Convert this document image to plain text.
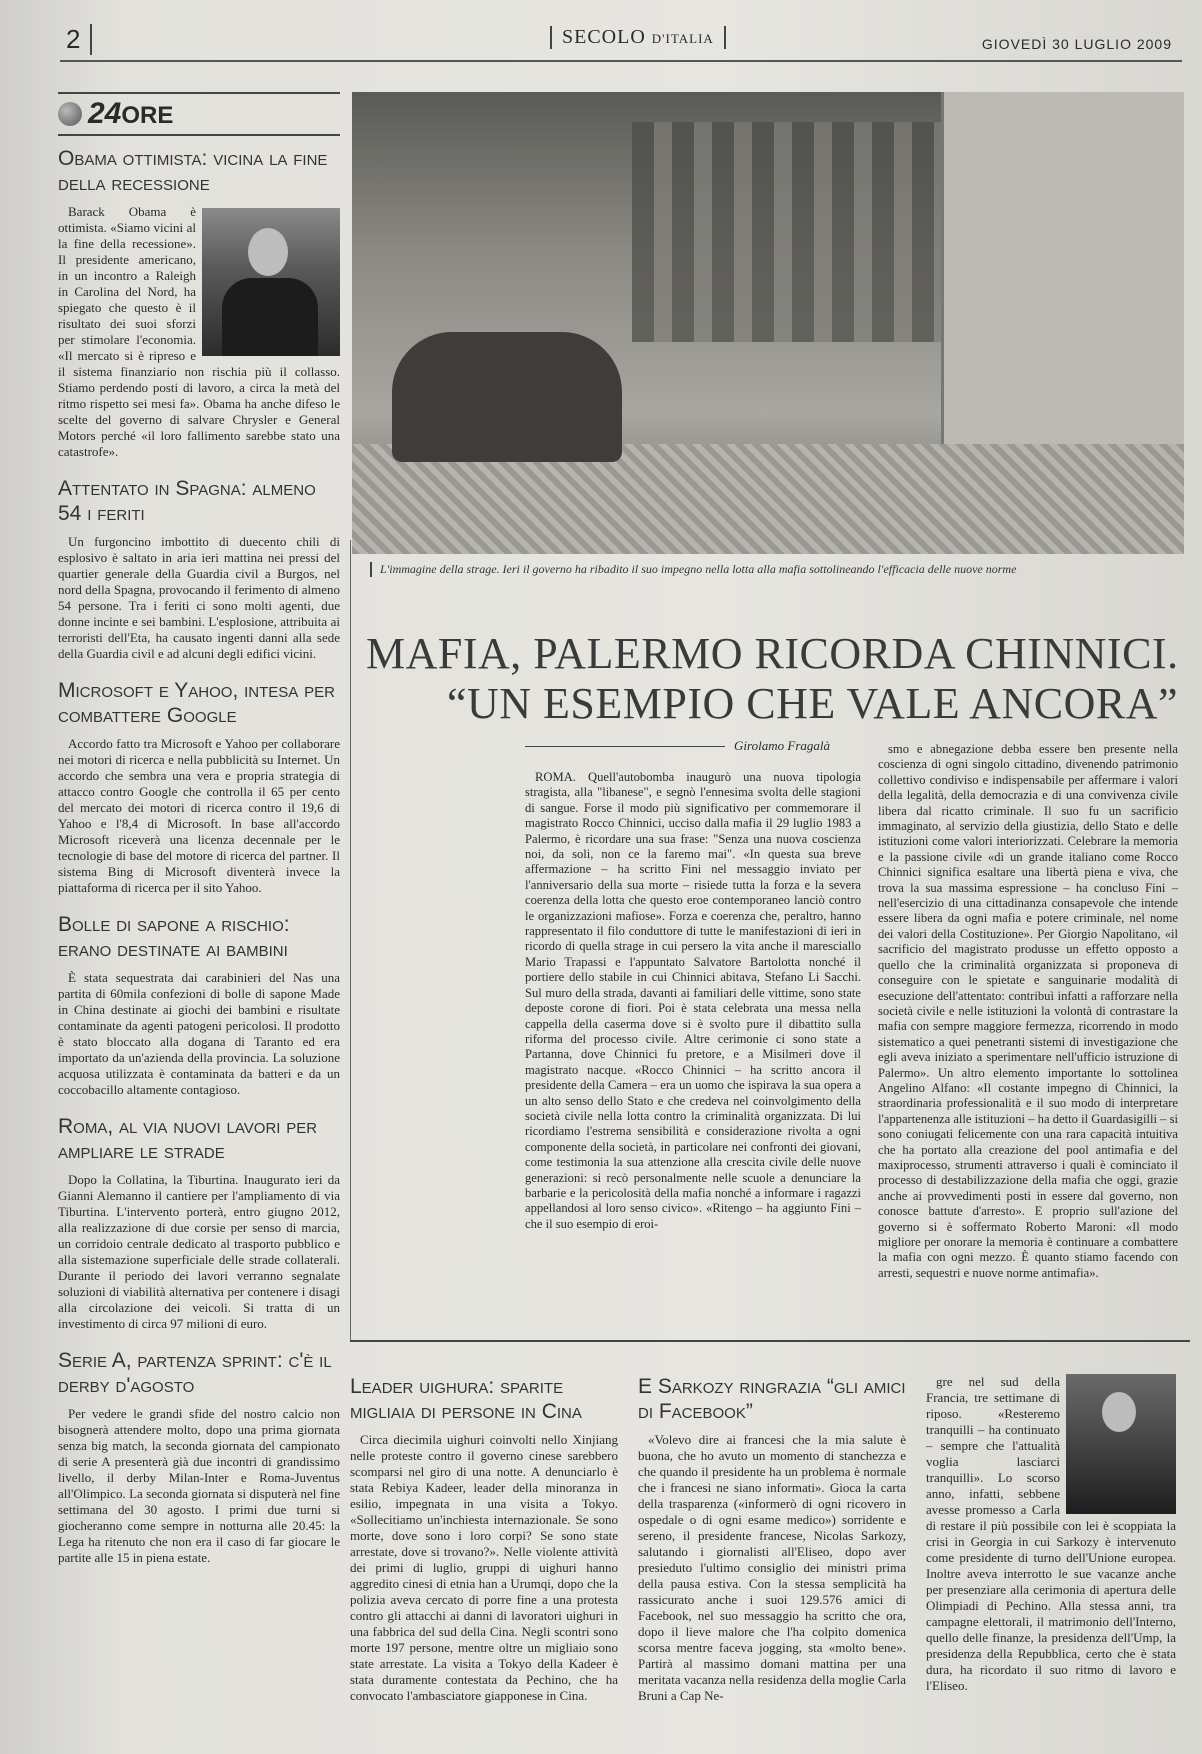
2	SECOLO D'ITALIA	GIOVEDÌ 30 LUGLIO 2009
24ORE
Obama ottimista: vicina la fine della recessione
Barack Obama è ottimista. «Siamo vicini al la fine della recessione». Il presidente americano, in un incontro a Raleigh in Carolina del Nord, ha spiegato che questo è il risultato dei suoi sforzi per stimolare l'economia. «Il mercato si è ripreso e il sistema finanziario non rischia più il collasso. Stiamo perdendo posti di lavoro, a circa la metà del ritmo rispetto sei mesi fa». Obama ha anche difeso le scelte del governo di salvare Chrysler e General Motors perché «il loro fallimento sarebbe stato una catastrofe».
Attentato in Spagna: almeno 54 i feriti

Un furgoncino imbottito di duecento chili di esplosivo è saltato in aria ieri mattina nei pressi del quartier generale della Guardia civil a Burgos, nel nord della Spagna, provocando il ferimento di almeno 54 persone. Tra i feriti ci sono molti agenti, due donne incinte e sei bambini. L'esplosione, attribuita ai terroristi dell'Eta, ha causato ingenti danni alla sede della Guardia civil e ad alcuni degli edifici vicini.

Microsoft e Yahoo, intesa per combattere Google

Accordo fatto tra Microsoft e Yahoo per collaborare nei motori di ricerca e nella pubblicità su Internet. Un accordo che sembra una vera e propria strategia di attacco contro Google che controlla il 65 per cento del mercato dei motori di ricerca contro il 19,6 di Yahoo e l'8,4 di Microsoft. In base all'accordo Microsoft riceverà una licenza decennale per le tecnologie di base del motore di ricerca del partner. Il sistema Bing di Microsoft diventerà invece la piattaforma di ricerca per il sito Yahoo.

Bolle di sapone a rischio: erano destinate ai bambini

È stata sequestrata dai carabinieri del Nas una partita di 60mila confezioni di bolle di sapone Made in China destinate ai giochi dei bambini e risultate contaminate da agenti patogeni pericolosi. Il prodotto è stato bloccato alla dogana di Taranto ed era importato da un'azienda della provincia. La soluzione acquosa utilizzata è contaminata da batteri e da un coccobacillo altamente contagioso.

Roma, al via nuovi lavori per ampliare le strade

Dopo la Collatina, la Tiburtina. Inaugurato ieri da Gianni Alemanno il cantiere per l'ampliamento di via Tiburtina. L'intervento porterà, entro giugno 2012, alla realizzazione di due corsie per senso di marcia, un corridoio centrale dedicato al trasporto pubblico e alla sistemazione superficiale delle strade collaterali. Durante il periodo dei lavori verranno segnalate soluzioni di viabilità alternativa per contenere i disagi alla circolazione dei veicoli. Si tratta di un investimento di circa 97 milioni di euro.

Serie A, partenza sprint: c'è il derby d'agosto

Per vedere le grandi sfide del nostro calcio non bisognerà attendere molto, dopo una prima giornata senza big match, la seconda giornata del campionato di serie A presenterà già due incontri di grandissimo livello, il derby Milan-Inter e Roma-Juventus all'Olimpico. La seconda giornata si disputerà nel fine settimana del 30 agosto. I primi due turni si giocheranno come sempre in notturna alle 20.45: la Lega ha ritenuto che non era il caso di far giocare le partite alle 15 in piena estate.

L'immagine della strage. Ieri il governo ha ribadito il suo impegno nella lotta alla mafia sottolineando l'efficacia delle nuove norme
MAFIA, PALERMO RICORDA CHINNICI.
“UN ESEMPIO CHE VALE ANCORA”
Girolamo Fragalà

ROMA. Quell'autobomba inaugurò una nuova tipologia stragista, alla "libanese", e segnò l'ennesima svolta delle stagioni di sangue. Forse il modo più significativo per commemorare il magistrato Rocco Chinnici, ucciso dalla mafia il 29 luglio 1983 a Palermo, è ricordare una sua frase: "Senza una nuova coscienza noi, da soli, non ce la faremo mai". «In questa sua breve affermazione – ha scritto Fini nel messaggio inviato per l'anniversario della sua morte – risiede tutta la forza e la severa coerenza della lotta che questo eroe contemporaneo lanciò contro le organizzazioni mafiose». Forza e coerenza che, peraltro, hanno rappresentato il filo conduttore di tutte le manifestazioni di ieri in ricordo di quella strage in cui persero la vita anche il maresciallo Mario Trapassi e l'appuntato Salvatore Bartolotta nonché il portiere dello stabile in cui Chinnici abitava, Stefano Li Sacchi. Sul muro della strada, davanti ai familiari delle vittime, sono state deposte corone di fiori. Poi è stata celebrata una messa nella cappella della caserma dove si è svolto pure il dibattito sulla riforma del processo civile. Altre cerimonie ci sono state a Partanna, dove Chinnici fu pretore, e a Misilmeri dove il magistrato nacque. «Rocco Chinnici – ha scritto ancora il presidente della Camera – era un uomo che ispirava la sua opera a un alto senso dello Stato e che credeva nel coinvolgimento della società civile nella lotta contro la criminalità organizzata. Di lui ricordiamo l'estrema sensibilità e considerazione rivolta a ogni componente della società, in particolare nei confronti dei giovani, come testimonia la sua attenzione alla crescita civile delle nuove generazioni: si recò personalmente nelle scuole a denunciare la barbarie e la pericolosità della mafia nonché a informare i ragazzi appellandosi al loro senso civico». «Ritengo – ha aggiunto Fini – che il suo esempio di eroi-

smo e abnegazione debba essere ben presente nella coscienza di ogni singolo cittadino, divenendo patrimonio collettivo condiviso e indispensabile per affermare i valori della legalità, della democrazia e di una convivenza civile libera dal ricatto criminale. Il suo fu un sacrificio immaginato, al servizio della giustizia, dello Stato e delle istituzioni come valori interiorizzati. Celebrare la memoria e la passione civile «di un grande italiano come Rocco Chinnici significa esaltare una libertà piena e viva, che trova la sua massima espressione – ha concluso Fini – nell'esercizio di una cittadinanza consapevole che intende essere libera da ogni mafia e potere criminale, nel nome dei valori della Costituzione». Per Giorgio Napolitano, «il sacrificio del magistrato produsse un effetto opposto a quello che la criminalità organizzata si proponeva di conseguire con le spietate e sanguinarie modalità di esecuzione dell'attentato: contribuì infatti a rafforzare nella società civile e nelle istituzioni la volontà di contrastare la mafia con sempre maggiore fermezza, ricorrendo in modo sistematico a quei penetranti sistemi di investigazione che egli aveva iniziato a sperimentare nell'ufficio istruzione di Palermo». Un altro elemento importante lo sottolinea Angelino Alfano: «Il costante impegno di Chinnici, la straordinaria professionalità e il suo modo di interpretare l'appartenenza alle istituzioni – ha detto il Guardasigilli – si sono coniugati felicemente con una rara capacità intuitiva che ha portato alla creazione del pool antimafia e del maxiprocesso, strumenti attraverso i quali è cominciato il processo di destabilizzazione della mafia che oggi, grazie anche ai provvedimenti posti in essere dal governo, non conosce battute d'arresto». E proprio sull'azione del governo si è soffermato Roberto Maroni: «Il modo migliore per onorare la memoria è continuare a combattere la mafia con ogni mezzo. È quanto stiamo facendo con arresti, sequestri e nuove norme antimafia».

Leader uighura: sparite migliaia di persone in Cina

Circa diecimila uighuri coinvolti nello Xinjiang nelle proteste contro il governo cinese sarebbero scomparsi nel giro di una notte. A denunciarlo è stata Rebiya Kadeer, leader della minoranza in esilio, impegnata in una visita a Tokyo. «Sollecitiamo un'inchiesta internazionale. Se sono morte, dove sono i loro corpi? Se sono state arrestate, dove si trovano?». Nelle violente attività dei primi di luglio, gruppi di uighuri hanno aggredito cinesi di etnia han a Urumqi, dopo che la polizia aveva cercato di porre fine a una protesta contro gli attacchi ai danni di lavoratori uighuri in una fabbrica del sud della Cina. Negli scontri sono morte 197 persone, mentre oltre un migliaio sono state arrestate. La visita a Tokyo della Kadeer è stata duramente contestata da Pechino, che ha convocato l'ambasciatore giapponese in Cina.

E Sarkozy ringrazia “gli amici di Facebook”

«Volevo dire ai francesi che la mia salute è buona, che ho avuto un momento di stanchezza e che quando il presidente ha un problema è normale che i francesi ne siano informati». Gioca la carta della trasparenza («informerò di ogni ricovero in ospedale o di ogni esame medico») sorridente e sereno, il presidente francese, Nicolas Sarkozy, salutando i giornalisti all'Eliseo, dopo aver presieduto l'ultimo consiglio dei ministri prima della pausa estiva. Con la stessa semplicità ha rassicurato anche i suoi 129.576 amici di Facebook, nel suo messaggio ha scritto che ora, dopo il lieve malore che l'ha colpito domenica scorsa mentre faceva jogging, sta «molto bene». Partirà al massimo domani mattina per una meritata vacanza nella residenza della moglie Carla Bruni a Cap Ne-

gre nel sud della Francia, tre settimane di riposo. «Resteremo tranquilli – ha continuato – sempre che l'attualità voglia lasciarci tranquilli». Lo scorso anno, infatti, sebbene avesse promesso a Carla di restare il più possibile con lei è scoppiata la crisi in Georgia in cui Sarkozy è intervenuto come presidente di turno dell'Unione europea. Inoltre aveva interrotto le sue vacanze anche per presenziare alla cerimonia di apertura delle Olimpiadi di Pechino. Alla stessa anni, tra campagne elettorali, il matrimonio dell'Interno, quello delle finanze, la presidenza dell'Ump, la presidenza della Repubblica, certo che è stata dura, ha ricordato il suo ritmo di lavoro e l'Eliseo.
